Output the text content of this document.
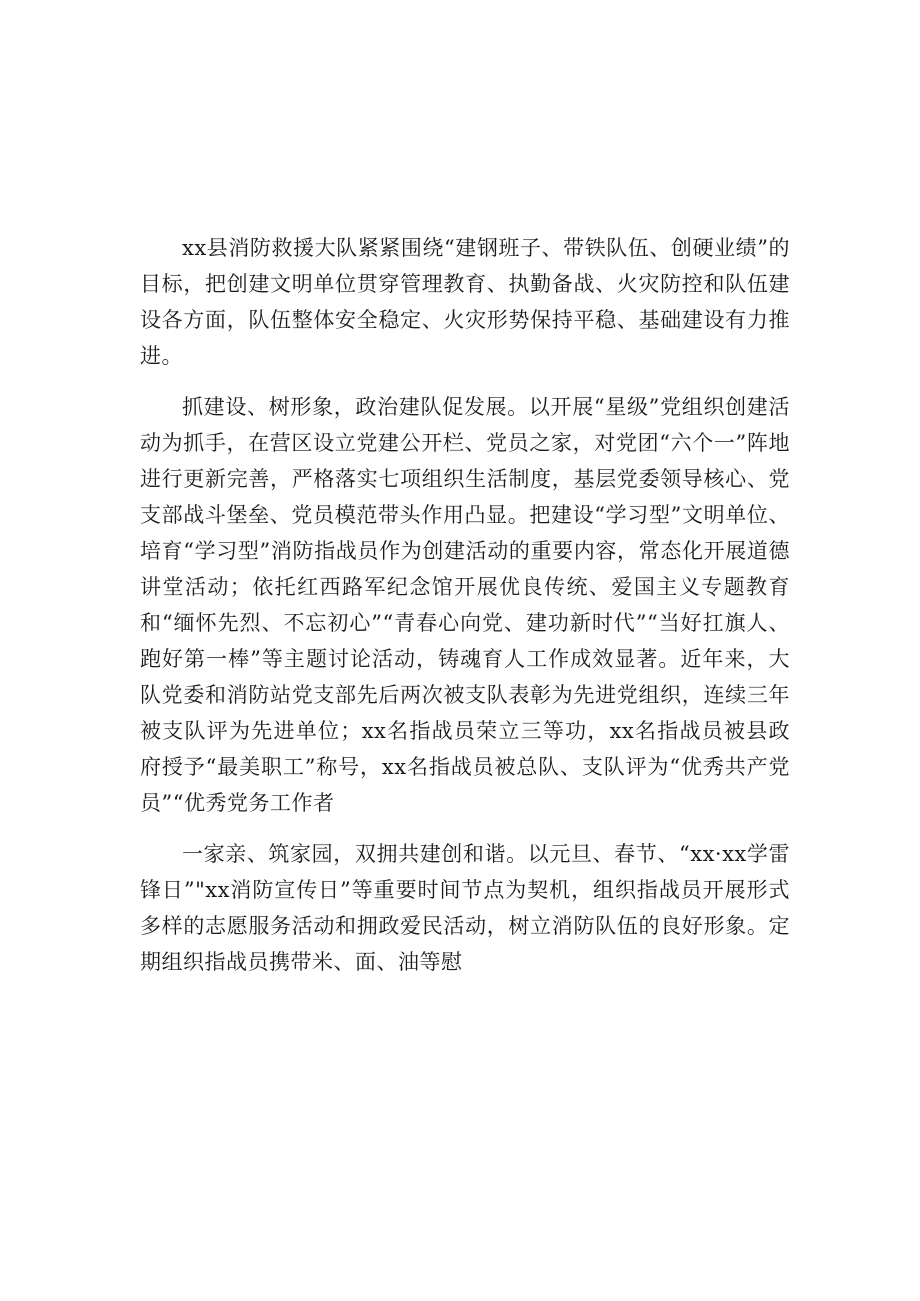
xx县消防救援大队紧紧围绕“建钢班子、带铁队伍、创硬业绩”的目标，把创建文明单位贯穿管理教育、执勤备战、火灾防控和队伍建设各方面，队伍整体安全稳定、火灾形势保持平稳、基础建设有力推进。

抓建设、树形象，政治建队促发展。以开展“星级”党组织创建活动为抓手，在营区设立党建公开栏、党员之家，对党团“六个一”阵地进行更新完善，严格落实七项组织生活制度，基层党委领导核心、党支部战斗堡垒、党员模范带头作用凸显。把建设“学习型”文明单位、培育“学习型”消防指战员作为创建活动的重要内容，常态化开展道德讲堂活动；依托红西路军纪念馆开展优良传统、爱国主义专题教育和“缅怀先烈、不忘初心”“青春心向党、建功新时代”“当好扛旗人、跑好第一棒”等主题讨论活动，铸魂育人工作成效显著。近年来，大队党委和消防站党支部先后两次被支队表彰为先进党组织，连续三年被支队评为先进单位；xx名指战员荣立三等功，xx名指战员被县政府授予“最美职工”称号，xx名指战员被总队、支队评为“优秀共产党员”“优秀党务工作者

一家亲、筑家园，双拥共建创和谐。以元旦、春节、“xx·xx学雷锋日”"xx消防宣传日”等重要时间节点为契机，组织指战员开展形式多样的志愿服务活动和拥政爱民活动，树立消防队伍的良好形象。定期组织指战员携带米、面、油等慰
